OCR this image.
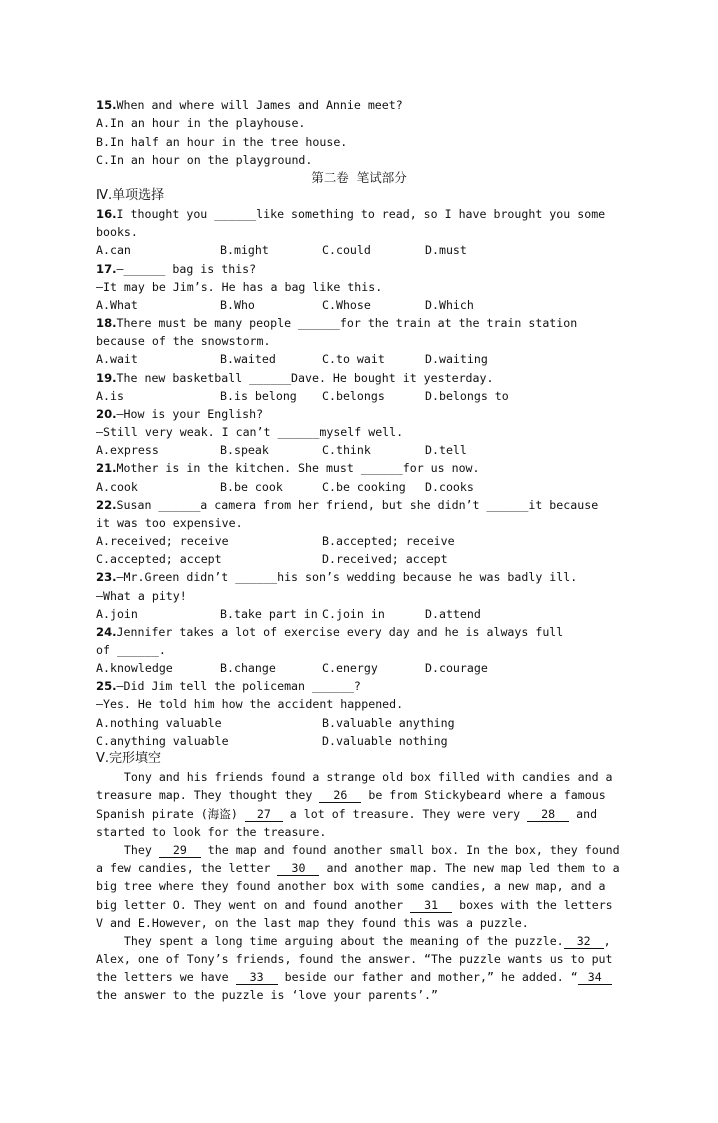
15.When and where will James and Annie meet?
A.In an hour in the playhouse.
B.In half an hour in the tree house.
C.In an hour on the playground.
第二卷  笔试部分
Ⅳ.单项选择
16.I thought you ______like something to read, so I have brought you some
books.
A.can	B.might	C.could	D.must
17.—______ bag is this?
—It may be Jim’s. He has a bag like this.
A.What	B.Who	C.Whose	D.Which
18.There must be many people ______for the train at the train station
because of the snowstorm.
A.wait	B.waited	C.to wait	D.waiting
19.The new basketball ______Dave. He bought it yesterday.
A.is	B.is belong C.belongs	D.belongs to
20.—How is your English?
—Still very weak. I can’t ______myself well.
A.express	B.speak	C.think	D.tell
21.Mother is in the kitchen. She must ______for us now.
A.cook	B.be cook	C.be cooking D.cooks
22.Susan ______a camera from her friend, but she didn’t ______it because
it was too expensive.
A.received; receive	B.accepted; receive
C.accepted; accept	D.received; accept
23.—Mr.Green didn’t ______his son’s wedding because he was badly ill.
—What a pity!
A.join	B.take part in C.join in	D.attend
24.Jennifer takes a lot of exercise every day and he is always full
of ______.
A.knowledge	B.change	C.energy	D.courage
25.—Did Jim tell the policeman ______?
—Yes. He told him how the accident happened.
A.nothing valuable	B.valuable anything
C.anything valuable	D.valuable nothing
Ⅴ.完形填空
Tony and his friends found a strange old box filled with candies and a
treasure map. They thought they 26 be from Stickybeard where a famous
Spanish pirate (海盗) 27 a lot of treasure. They were very 28 and
started to look for the treasure.
They 29 the map and found another small box. In the box, they found
a few candies, the letter 30 and another map. The new map led them to a
big tree where they found another box with some candies, a new map, and a
big letter O. They went on and found another 31 boxes with the letters
V and E.However, on the last map they found this was a puzzle.
They spent a long time arguing about the meaning of the puzzle. 32 ,
Alex, one of Tony’s friends, found the answer. “The puzzle wants us to put
the letters we have 33 beside our father and mother,” he added. “ 34
the answer to the puzzle is ‘love your parents’.”
